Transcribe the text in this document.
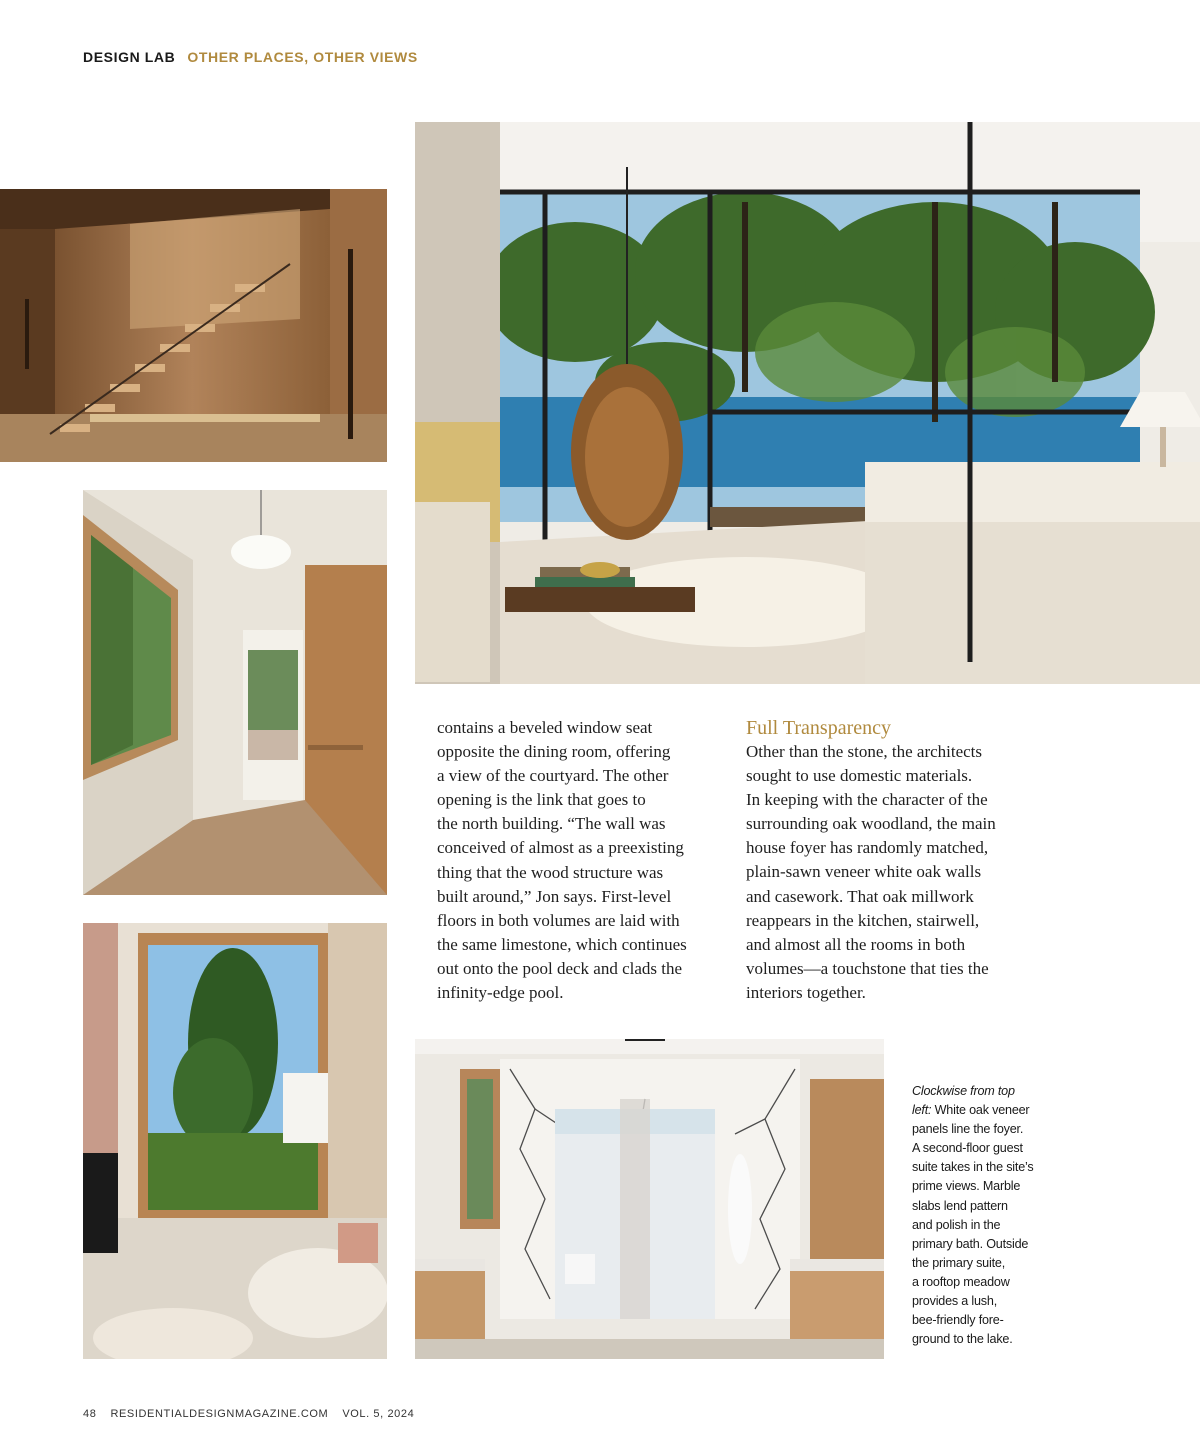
DESIGN LAB OTHER PLACES, OTHER VIEWS
contains a beveled window seat
opposite the dining room, offering
a view of the courtyard. The other
opening is the link that goes to
the north building. “The wall was
conceived of almost as a preexisting
thing that the wood structure was
built around,” Jon says. First-level
floors in both volumes are laid with
the same limestone, which continues
out onto the pool deck and clads the
infinity-edge pool.
Full Transparency
Other than the stone, the architects
sought to use domestic materials.
In keeping with the character of the
surrounding oak woodland, the main
house foyer has randomly matched,
plain-sawn veneer white oak walls
and casework. That oak millwork
reappears in the kitchen, stairwell,
and almost all the rooms in both
volumes—a touchstone that ties the
interiors together.
Clockwise from top
left: White oak veneer
panels line the foyer.
A second-floor guest
suite takes in the site’s
prime views. Marble
slabs lend pattern
and polish in the
primary bath. Outside
the primary suite,
a rooftop meadow
provides a lush,
bee-friendly fore-
ground to the lake.
48 RESIDENTIALDESIGNMAGAZINE.COM VOL. 5, 2024
